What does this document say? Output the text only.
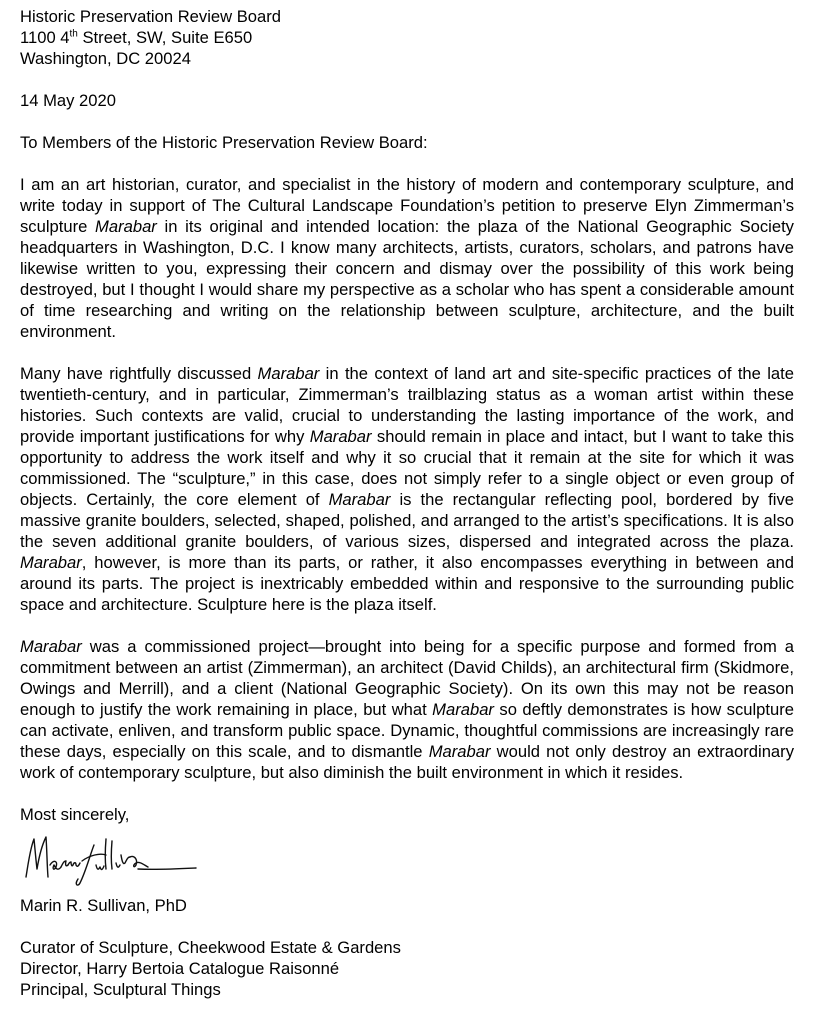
Historic Preservation Review Board
1100 4th Street, SW, Suite E650
Washington, DC 20024
14 May 2020
To Members of the Historic Preservation Review Board:

I am an art historian, curator, and specialist in the history of modern and contemporary sculpture, and write today in support of The Cultural Landscape Foundation’s petition to preserve Elyn Zimmerman’s sculpture Marabar in its original and intended location: the plaza of the National Geographic Society headquarters in Washington, D.C. I know many architects, artists, curators, scholars, and patrons have likewise written to you, expressing their concern and dismay over the possibility of this work being destroyed, but I thought I would share my perspective as a scholar who has spent a considerable amount of time researching and writing on the relationship between sculpture, architecture, and the built environment.

Many have rightfully discussed Marabar in the context of land art and site-specific practices of the late twentieth-century, and in particular, Zimmerman’s trailblazing status as a woman artist within these histories. Such contexts are valid, crucial to understanding the lasting importance of the work, and provide important justifications for why Marabar should remain in place and intact, but I want to take this opportunity to address the work itself and why it so crucial that it remain at the site for which it was commissioned. The “sculpture,” in this case, does not simply refer to a single object or even group of objects. Certainly, the core element of Marabar is the rectangular reflecting pool, bordered by five massive granite boulders, selected, shaped, polished, and arranged to the artist’s specifications. It is also the seven additional granite boulders, of various sizes, dispersed and integrated across the plaza. Marabar, however, is more than its parts, or rather, it also encompasses everything in between and around its parts. The project is inextricably embedded within and responsive to the surrounding public space and architecture. Sculpture here is the plaza itself.

Marabar was a commissioned project—brought into being for a specific purpose and formed from a commitment between an artist (Zimmerman), an architect (David Childs), an architectural firm (Skidmore, Owings and Merrill), and a client (National Geographic Society). On its own this may not be reason enough to justify the work remaining in place, but what Marabar so deftly demonstrates is how sculpture can activate, enliven, and transform public space. Dynamic, thoughtful commissions are increasingly rare these days, especially on this scale, and to dismantle Marabar would not only destroy an extraordinary work of contemporary sculpture, but also diminish the built environment in which it resides.

Most sincerely,
Marin R. Sullivan, PhD
Curator of Sculpture, Cheekwood Estate & Gardens
Director, Harry Bertoia Catalogue Raisonné
Principal, Sculptural Things
